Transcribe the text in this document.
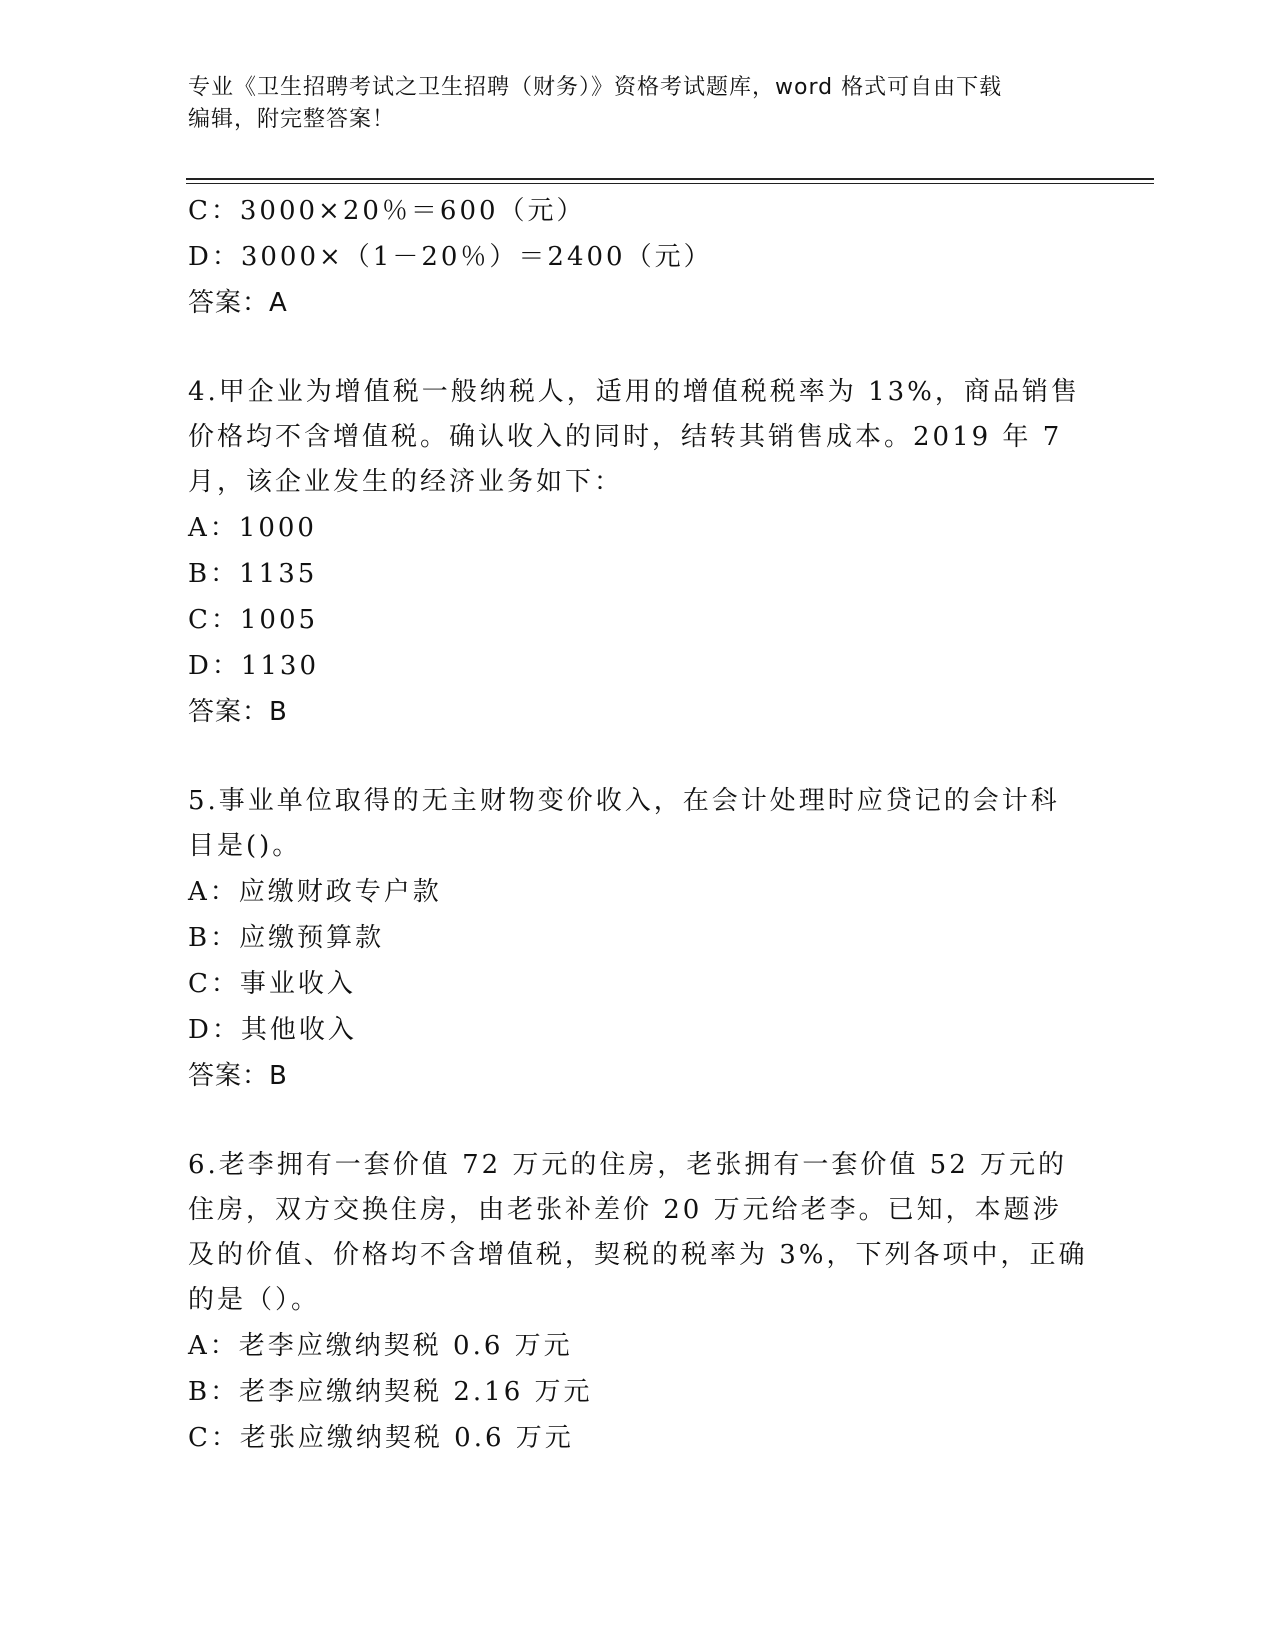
专业《卫生招聘考试之卫生招聘（财务）》资格考试题库，word 格式可自由下载
编辑，附完整答案！
C：3000×20％＝600（元）
D：3000×（1－20％）＝2400（元）
答案：A
4.甲企业为增值税一般纳税人，适用的增值税税率为 13%，商品销售价格均不含增值税。确认收入的同时，结转其销售成本。2019 年 7 月，该企业发生的经济业务如下：
A：1000
B：1135
C：1005
D：1130
答案：B
5.事业单位取得的无主财物变价收入，在会计处理时应贷记的会计科目是()。
A：应缴财政专户款
B：应缴预算款
C：事业收入
D：其他收入
答案：B
6.老李拥有一套价值 72 万元的住房，老张拥有一套价值 52 万元的住房，双方交换住房，由老张补差价 20 万元给老李。已知，本题涉及的价值、价格均不含增值税，契税的税率为 3%，下列各项中，正确的是（）。
A：老李应缴纳契税 0.6 万元
B：老李应缴纳契税 2.16 万元
C：老张应缴纳契税 0.6 万元
